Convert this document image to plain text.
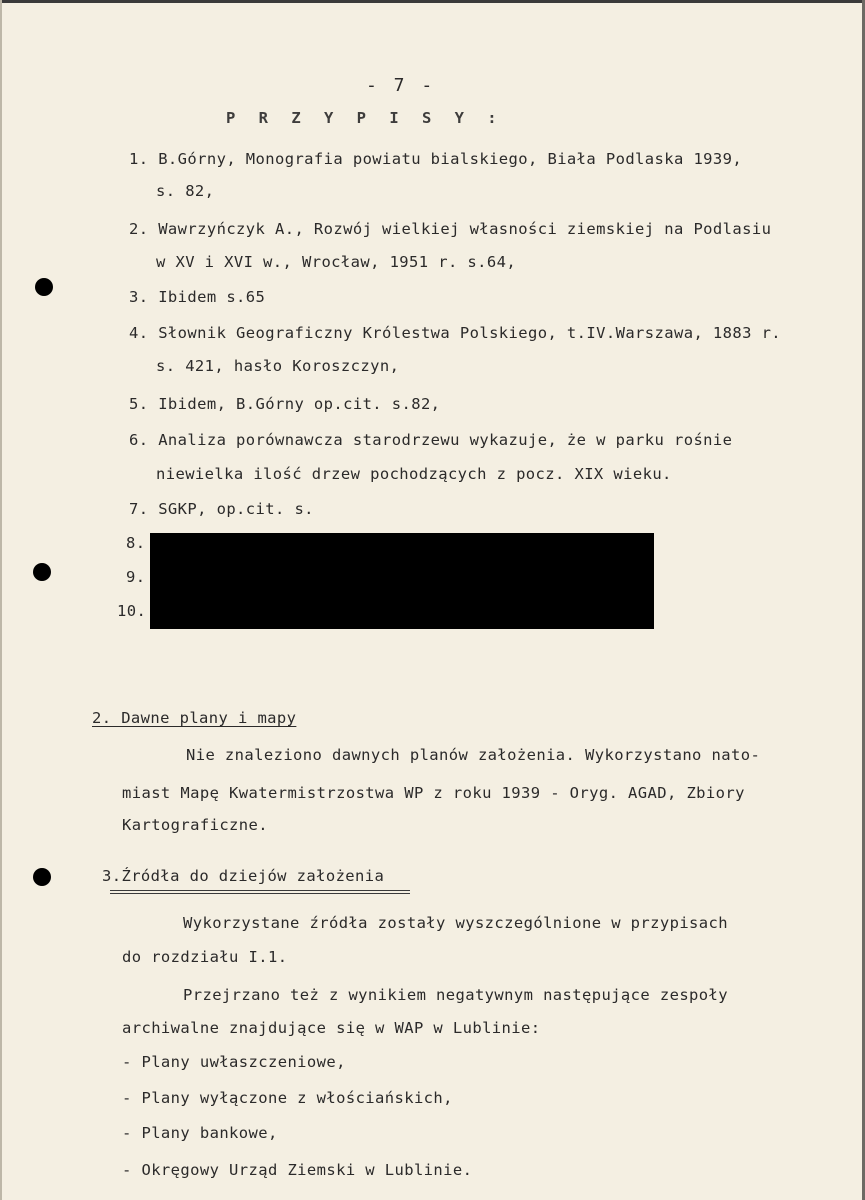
- 7 -
P R Z Y P I S Y :
1. B.Górny, Monografia powiatu bialskiego, Biała Podlaska 1939,
s. 82,
2. Wawrzyńczyk A., Rozwój wielkiej własności ziemskiej na Podlasiu
w XV i XVI w., Wrocław, 1951 r. s.64,
3. Ibidem s.65
4. Słownik Geograficzny Królestwa Polskiego, t.IV.Warszawa, 1883 r.
s. 421, hasło Koroszczyn,
5. Ibidem, B.Górny op.cit. s.82,
6. Analiza porównawcza starodrzewu wykazuje, że w parku rośnie
niewielka ilość drzew pochodzących z pocz. XIX wieku.
7. SGKP, op.cit. s.
8.
9.
10.
2. Dawne plany i mapy
Nie znaleziono dawnych planów założenia. Wykorzystano nato-
miast Mapę Kwatermistrzostwa WP z roku 1939 - Oryg. AGAD, Zbiory
Kartograficzne.
3.Źródła do dziejów założenia
Wykorzystane źródła zostały wyszczególnione w przypisach
do rozdziału I.1.
Przejrzano też z wynikiem negatywnym następujące zespoły
archiwalne znajdujące się w WAP w Lublinie:
- Plany uwłaszczeniowe,
- Plany wyłączone z włościańskich,
- Plany bankowe,
- Okręgowy Urząd Ziemski w Lublinie.
